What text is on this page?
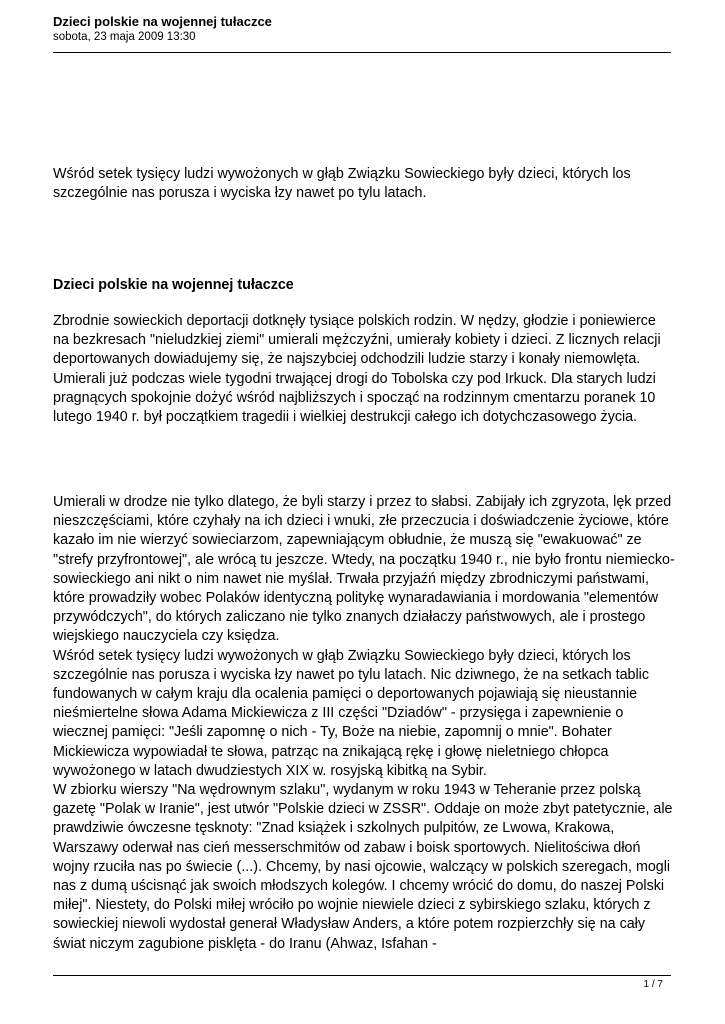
Dzieci polskie na wojennej tułaczce
sobota, 23 maja 2009 13:30

Wśród setek tysięcy ludzi wywożonych w głąb Związku Sowieckiego były dzieci, których los szczególnie nas porusza i wyciska łzy nawet po tylu latach.

Dzieci polskie na wojennej tułaczce

Zbrodnie sowieckich deportacji dotknęły tysiące polskich rodzin. W nędzy, głodzie i poniewierce na bezkresach "nieludzkiej ziemi" umierali mężczyźni, umierały kobiety i dzieci. Z licznych relacji deportowanych dowiadujemy się, że najszybciej odchodzili ludzie starzy i konały niemowlęta. Umierali już podczas wiele tygodni trwającej drogi do Tobolska czy pod Irkuck. Dla starych ludzi pragnących spokojnie dożyć wśród najbliższych i spocząć na rodzinnym cmentarzu poranek 10 lutego 1940 r. był początkiem tragedii i wielkiej destrukcji całego ich dotychczasowego życia.

Umierali w drodze nie tylko dlatego, że byli starzy i przez to słabsi. Zabijały ich zgryzota, lęk przed nieszczęściami, które czyhały na ich dzieci i wnuki, złe przeczucia i doświadczenie życiowe, które kazało im nie wierzyć sowieciarzom, zapewniającym obłudnie, że muszą się "ewakuować" ze "strefy przyfrontowej", ale wrócą tu jeszcze. Wtedy, na początku 1940 r., nie było frontu niemiecko-sowieckiego ani nikt o nim nawet nie myślał. Trwała przyjaźń między zbrodniczymi państwami, które prowadziły wobec Polaków identyczną politykę wynaradawiania i mordowania "elementów przywódczych", do których zaliczano nie tylko znanych działaczy państwowych, ale i prostego wiejskiego nauczyciela czy księdza.

Wśród setek tysięcy ludzi wywożonych w głąb Związku Sowieckiego były dzieci, których los szczególnie nas porusza i wyciska łzy nawet po tylu latach. Nic dziwnego, że na setkach tablic fundowanych w całym kraju dla ocalenia pamięci o deportowanych pojawiają się nieustannie nieśmiertelne słowa Adama Mickiewicza z III części "Dziadów" - przysięga i zapewnienie o wiecznej pamięci: "Jeśli zapomnę o nich - Ty, Boże na niebie, zapomnij o mnie". Bohater Mickiewicza wypowiadał te słowa, patrząc na znikającą rękę i głowę nieletniego chłopca wywożonego w latach dwudziestych XIX w. rosyjską kibitką na Sybir.

W zbiorku wierszy "Na wędrownym szlaku", wydanym w roku 1943 w Teheranie przez polską gazetę "Polak w Iranie", jest utwór "Polskie dzieci w ZSSR". Oddaje on może zbyt patetycznie, ale prawdziwie ówczesne tęsknoty: "Znad książek i szkolnych pulpitów, ze Lwowa, Krakowa, Warszawy oderwał nas cień messerschmitów od zabaw i boisk sportowych. Nielitościwa dłoń wojny rzuciła nas po świecie (...). Chcemy, by nasi ojcowie, walczący w polskich szeregach, mogli nas z dumą uścisnąć jak swoich młodszych kolegów. I chcemy wrócić do domu, do naszej Polski miłej". Niestety, do Polski miłej wróciło po wojnie niewiele dzieci z sybirskiego szlaku, których z sowieckiej niewoli wydostał generał Władysław Anders, a które potem rozpierzchły się na cały świat niczym zagubione pisklęta - do Iranu (Ahwaz, Isfahan -

1 / 7
